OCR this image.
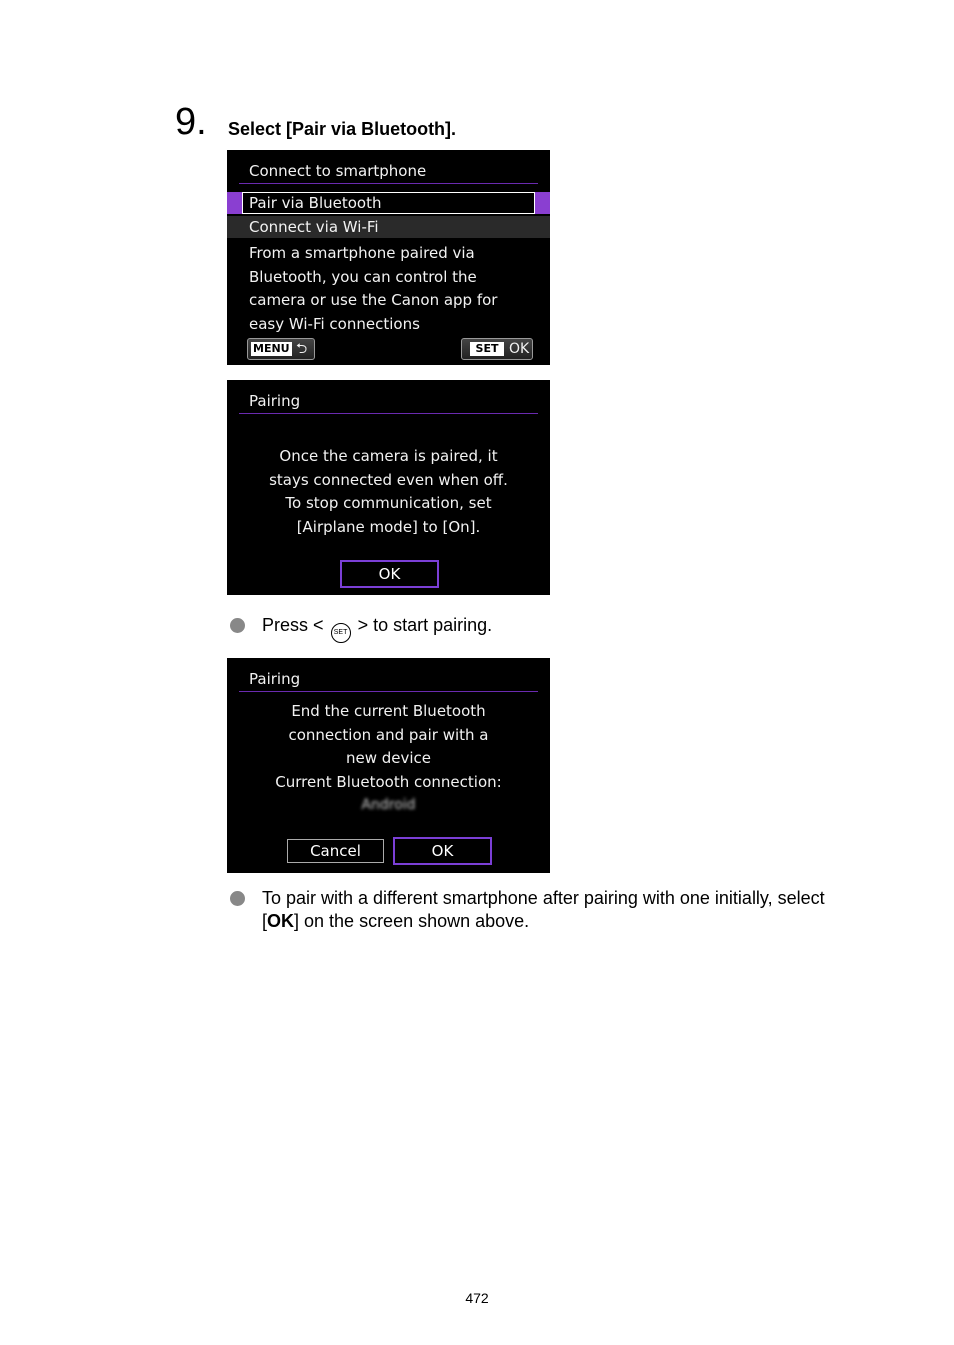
9. Select [Pair via Bluetooth].
Connect to smartphone
Pair via Bluetooth
Connect via Wi-Fi
From a smartphone paired via
Bluetooth, you can control the
camera or use the Canon app for
easy Wi-Fi connections
MENU ⮌	SET OK
Pairing
Once the camera is paired, it
stays connected even when off.
To stop communication, set
[Airplane mode] to [On].
OK
Press < SET > to start pairing.
Pairing
End the current Bluetooth
connection and pair with a
new device
Current Bluetooth connection:
Android
Cancel	OK
To pair with a different smartphone after pairing with one initially, select
[OK] on the screen shown above.
472
